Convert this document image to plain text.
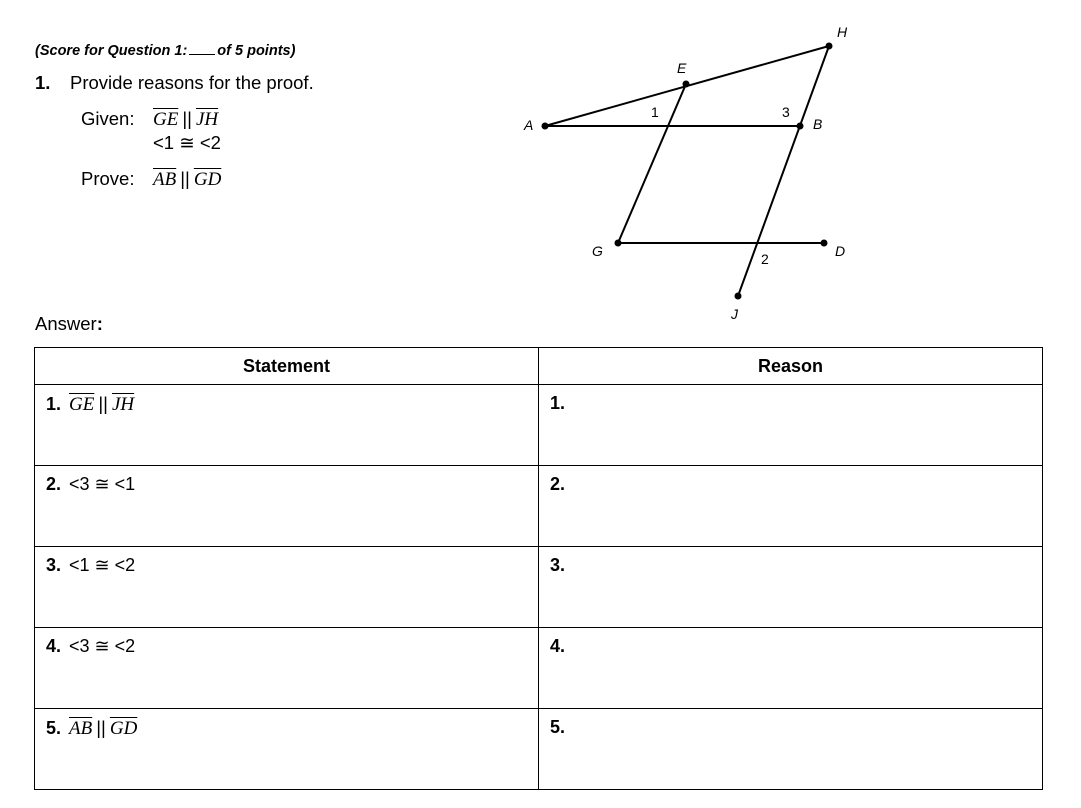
(Score for Question 1: of 5 points)
1. Provide reasons for the proof.
Given: $\overline{GE}$ || $\overline{JH}$
<1 ≅ <2
Prove: $\overline{AB}$ || $\overline{GD}$
Answer:
A
E
H
B
G	D
J
1	3
2
Statement	Reason
1. $\overline{GE}$ || $\overline{JH}$	1.
2. <3 ≅ <1	2.
3. <1 ≅ <2	3.
4. <3 ≅ <2	4.
5. $\overline{AB}$ || $\overline{GD}$	5.
